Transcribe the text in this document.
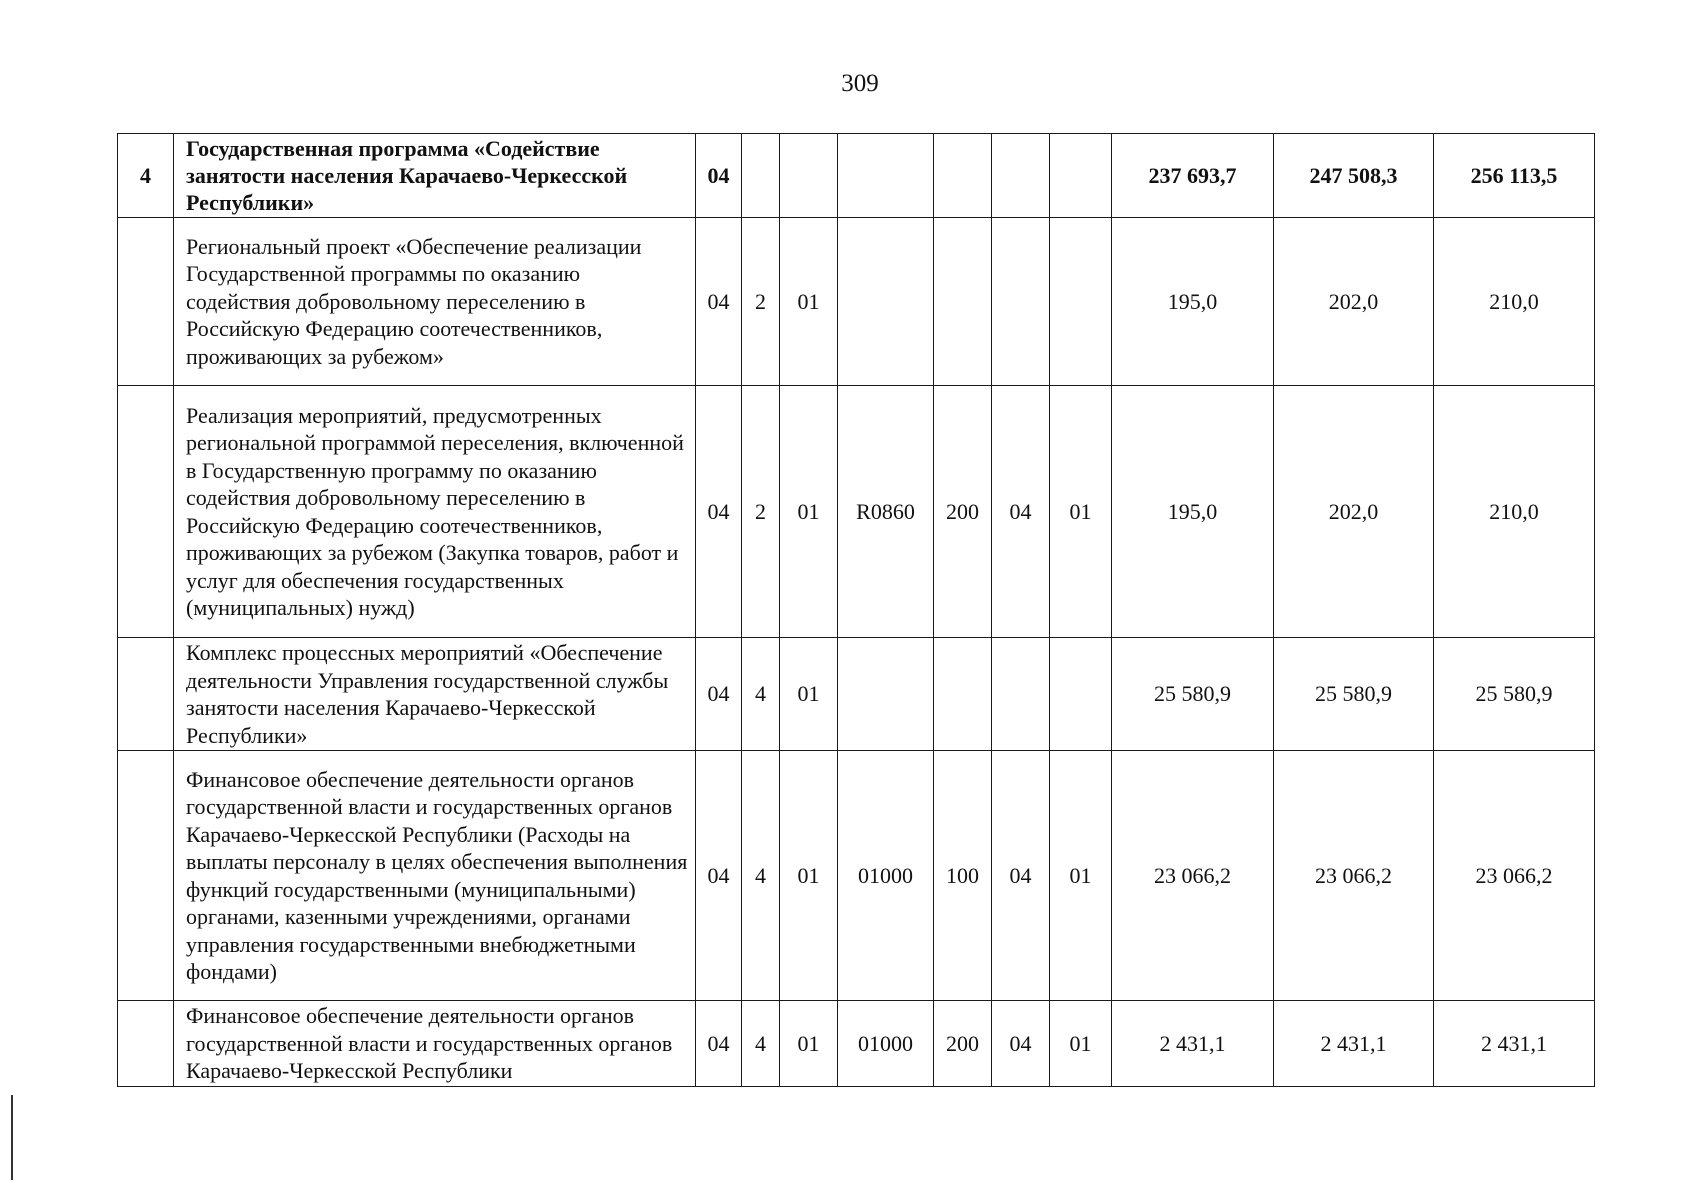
309
4	Государственная программа «Содействие занятости населения Карачаево-Черкесской Республики»	04							237 693,7	247 508,3	256 113,5
	Региональный проект «Обеспечение реализации Государственной программы по оказанию содействия добровольному переселению в Российскую Федерацию соотечественников, проживающих за рубежом»	04	2	01					195,0	202,0	210,0
	Реализация мероприятий, предусмотренных региональной программой переселения, включенной в Государственную программу по оказанию содействия добровольному переселению в Российскую Федерацию соотечественников, проживающих за рубежом (Закупка товаров, работ и услуг для обеспечения государственных (муниципальных) нужд)	04	2	01	R0860	200	04	01	195,0	202,0	210,0
	Комплекс процессных мероприятий «Обеспечение деятельности Управления государственной службы занятости населения Карачаево-Черкесской Республики»	04	4	01					25 580,9	25 580,9	25 580,9
	Финансовое обеспечение деятельности органов государственной власти и государственных органов Карачаево-Черкесской Республики (Расходы на выплаты персоналу в целях обеспечения выполнения функций государственными (муниципальными) органами, казенными учреждениями, органами управления государственными внебюджетными фондами)	04	4	01	01000	100	04	01	23 066,2	23 066,2	23 066,2
	Финансовое обеспечение деятельности органов государственной власти и государственных органов Карачаево-Черкесской Республики	04	4	01	01000	200	04	01	2 431,1	2 431,1	2 431,1
